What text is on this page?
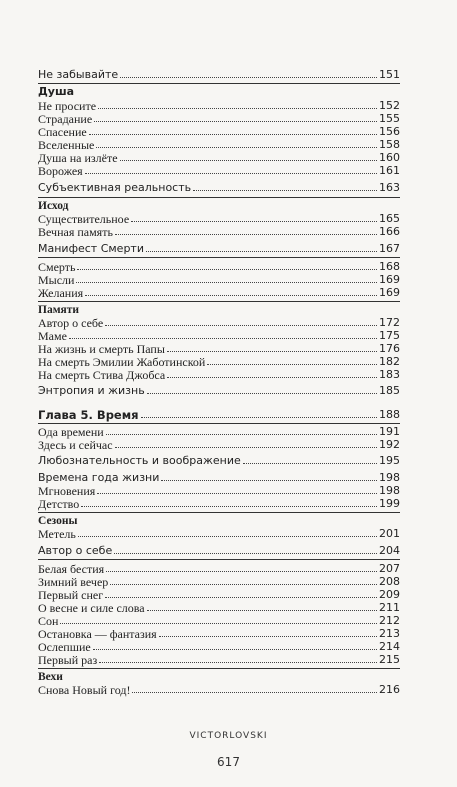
Не забывайте	151
Душа
Не просите	152
Страдание	155
Спасение	156
Вселенные	158
Душа на излёте	160
Ворожея	161
Субъективная реальность	163
Исход
Существительное	165
Вечная память	166
Манифест Смерти	167
Смерть	168
Мысли	169
Желания	169
Памяти
Автор о себе	172
Маме	175
На жизнь и смерть Папы	176
На смерть Эмилии Жаботинской	182
На смерть Стива Джобса	183
Энтропия и жизнь	185
Глава 5. Время	188
Ода времени	191
Здесь и сейчас	192
Любознательность и воображение	195
Времена года жизни	198
Мгновения	198
Детство	199
Сезоны
Метель	201
Автор о себе	204
Белая бестия	207
Зимний вечер	208
Первый снег	209
О весне и силе слова	211
Сон	212
Остановка — фантазия	213
Ослепшие	214
Первый раз	215
Вехи
Снова Новый год!	216
VICTORLOVSKI
617
